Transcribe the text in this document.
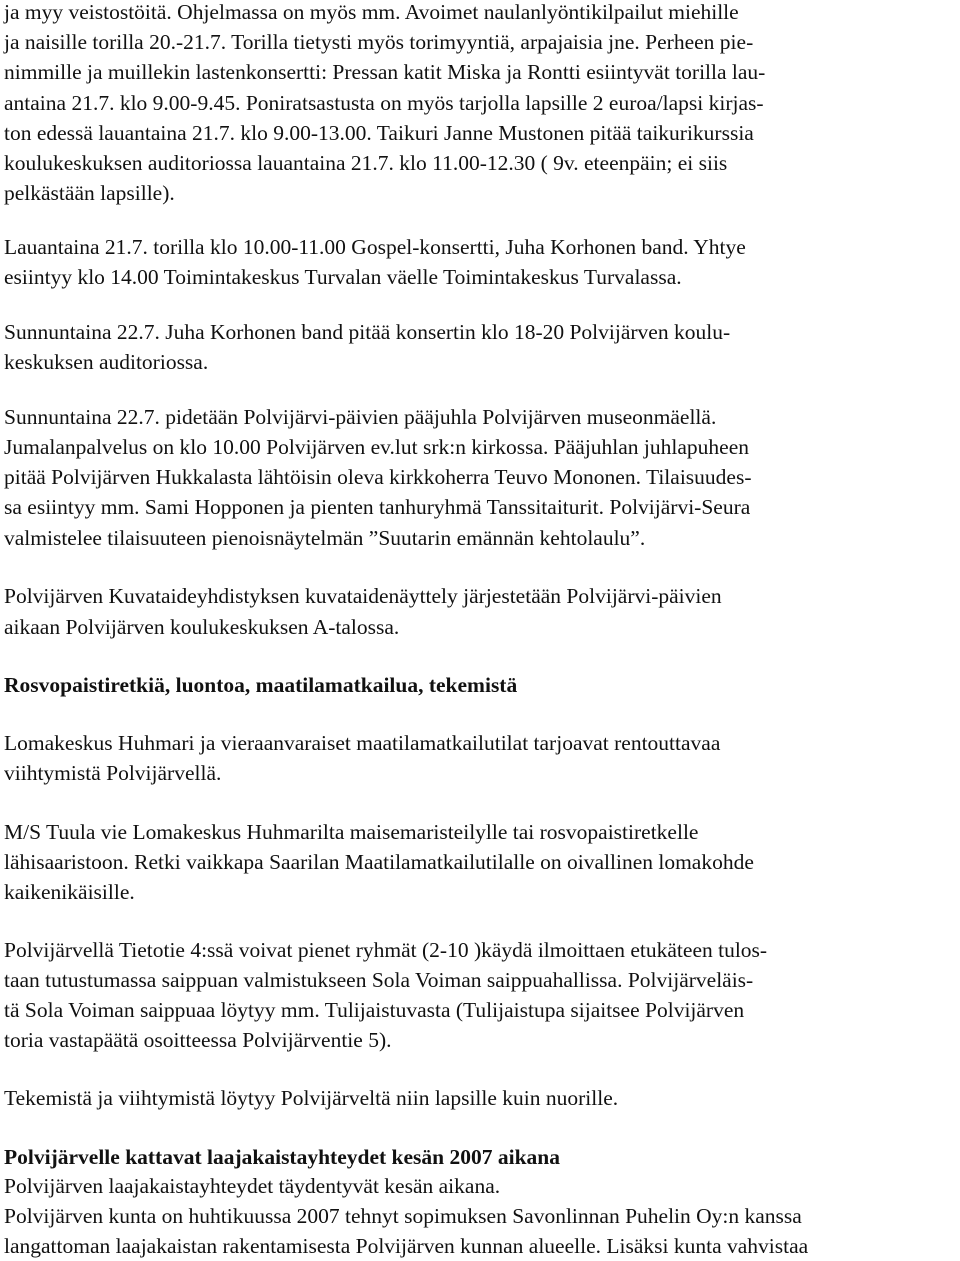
ja myy veistostöitä. Ohjelmassa on myös mm. Avoimet naulanlyöntikilpailut miehille

ja naisille torilla 20.-21.7. Torilla tietysti myös torimyyntiä, arpajaisia jne. Perheen pie-

nimmille ja muillekin lastenkonsertti: Pressan katit Miska ja Rontti esiintyvät torilla lau-

antaina 21.7. klo 9.00-9.45. Poniratsastusta on myös tarjolla lapsille 2 euroa/lapsi kirjas-

ton edessä lauantaina 21.7. klo 9.00-13.00. Taikuri Janne Mustonen pitää taikurikurssia

koulukeskuksen auditoriossa lauantaina 21.7. klo 11.00-12.30 ( 9v. eteenpäin; ei siis

pelkästään lapsille).

Lauantaina 21.7. torilla klo 10.00-11.00 Gospel-konsertti, Juha Korhonen band. Yhtye

esiintyy klo 14.00 Toimintakeskus Turvalan väelle Toimintakeskus Turvalassa.

Sunnuntaina 22.7. Juha Korhonen band pitää konsertin klo 18-20 Polvijärven koulu-

keskuksen auditoriossa.

Sunnuntaina 22.7. pidetään Polvijärvi-päivien pääjuhla Polvijärven museonmäellä.

Jumalanpalvelus on klo 10.00 Polvijärven ev.lut srk:n kirkossa. Pääjuhlan juhlapuheen

pitää Polvijärven Hukkalasta lähtöisin oleva kirkkoherra Teuvo Mononen. Tilaisuudes-

sa esiintyy mm. Sami Hopponen ja pienten tanhuryhmä Tanssitaiturit. Polvijärvi-Seura

valmistelee tilaisuuteen pienoisnäytelmän ”Suutarin emännän kehtolaulu”.

Polvijärven Kuvataideyhdistyksen kuvataidenäyttely järjestetään Polvijärvi-päivien

aikaan Polvijärven koulukeskuksen A-talossa.

Rosvopaistiretkiä, luontoa, maatilamatkailua, tekemistä

Lomakeskus Huhmari ja vieraanvaraiset maatilamatkailutilat tarjoavat rentouttavaa

viihtymistä Polvijärvellä.

M/S Tuula vie Lomakeskus Huhmarilta maisemaristeilylle tai rosvopaistiretkelle

lähisaaristoon. Retki vaikkapa Saarilan Maatilamatkailutilalle on oivallinen lomakohde

kaikenikäisille.

Polvijärvellä Tietotie 4:ssä voivat pienet ryhmät (2-10 )käydä ilmoittaen etukäteen tulos-

taan tutustumassa saippuan valmistukseen Sola Voiman saippuahallissa. Polvijärveläis-

tä Sola Voiman saippuaa löytyy mm. Tulijaistuvasta (Tulijaistupa sijaitsee Polvijärven

toria vastapäätä osoitteessa Polvijärventie 5).

Tekemistä ja viihtymistä löytyy Polvijärveltä niin lapsille kuin nuorille.

Polvijärvelle kattavat laajakaistayhteydet kesän 2007 aikana

Polvijärven laajakaistayhteydet täydentyvät kesän aikana.

Polvijärven kunta on huhtikuussa 2007 tehnyt sopimuksen Savonlinnan Puhelin Oy:n kanssa

langattoman laajakaistan rakentamisesta Polvijärven kunnan alueelle. Lisäksi kunta vahvistaa
